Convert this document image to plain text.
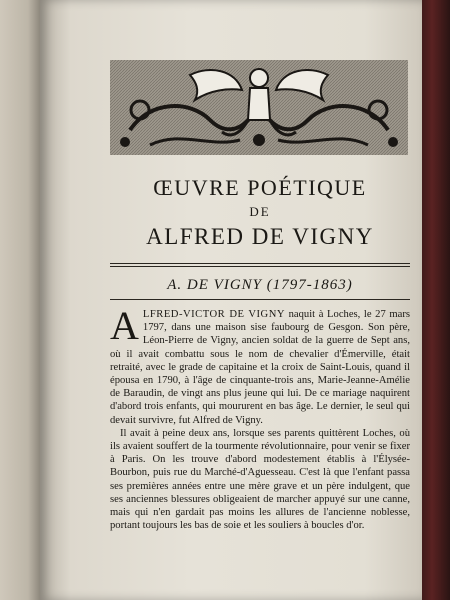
ŒUVRE POÉTIQUE
DE
ALFRED DE VIGNY
A. DE VIGNY (1797-1863)

ALFRED-VICTOR DE VIGNY naquit à Loches, le 27 mars 1797, dans une maison sise faubourg de Gesgon. Son père, Léon-Pierre de Vigny, ancien soldat de la guerre de Sept ans, où il avait combattu sous le nom de chevalier d'Émerville, était retraité, avec le grade de capitaine et la croix de Saint-Louis, quand il épousa en 1790, à l'âge de cinquante-trois ans, Marie-Jeanne-Amélie de Baraudin, de vingt ans plus jeune qui lui. De ce mariage naquirent d'abord trois enfants, qui moururent en bas âge. Le dernier, le seul qui devait survivre, fut Alfred de Vigny.

Il avait à peine deux ans, lorsque ses parents quittèrent Loches, où ils avaient souffert de la tourmente révolutionnaire, pour venir se fixer à Paris. On les trouve d'abord modestement établis à l'Élysée-Bourbon, puis rue du Marché-d'Aguesseau. C'est là que l'enfant passa ses premières années entre une mère grave et un père indulgent, que ses anciennes blessures obligeaient de marcher appuyé sur une canne, mais qui n'en gardait pas moins les allures de l'ancienne noblesse, portant toujours les bas de soie et les souliers à boucles d'or.
